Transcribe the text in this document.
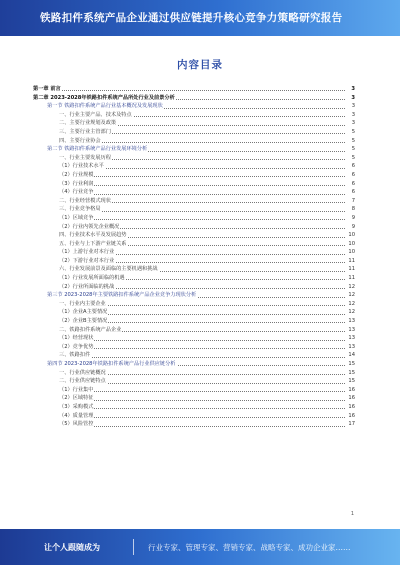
铁路扣件系统产品企业通过供应链提升核心竞争力策略研究报告
内容目录
第一章 前言	3
第二章 2023-2028年铁路扣件系统产品所处行业及前景分析	3
第一节 铁路扣件系统产品行业基本概况及发展现状	3
一、行业主要产品、技术及特点	3
二、主要行业规划及政策	3
三、主要行业主管部门	5
四、主要行业协会	5
第二节 铁路扣件系统产品行业发展环境分析	5
一、行业主要发展历程	5
（1）行业技术水平	6
（2）行业规模	6
（3）行业利润	6
（4）行业竞争	6
二、行业经营模式现状	7
三、行业竞争格局	8
（1）区域竞争	9
（2）行业内领先企业概况	9
四、行业技术水平及发展趋势	10
五、行业与上下游产业链关系	10
（1）上游行业对本行业	10
（2）下游行业对本行业	11
六、行业发展前景及面临的主要机遇和挑战	11
（1）行业发展所面临的机遇	11
（2）行业所面临的挑战	12
第三节 2023-2028年主要铁路扣件系统产品企业竞争力现状分析	12
一、行业内主要企业	12
（1）企业A主要情况	12
（2）企业B主要情况	13
二、铁路扣件系统产品企业	13
（1）经营现状	13
（2）竞争优势	13
三、铁路扣件	14
第四节 2023-2028年铁路扣件系统产品行业供应链分析	15
一、行业供应链概况	15
二、行业供应链特点	15
（1）行业集中	16
（2）区域特征	16
（3）采购模式	16
（4）质量管理	16
（5）风险管控	17
1
让个人跟随成为	行业专家、管理专家、营销专家、战略专家、成功企业家……
